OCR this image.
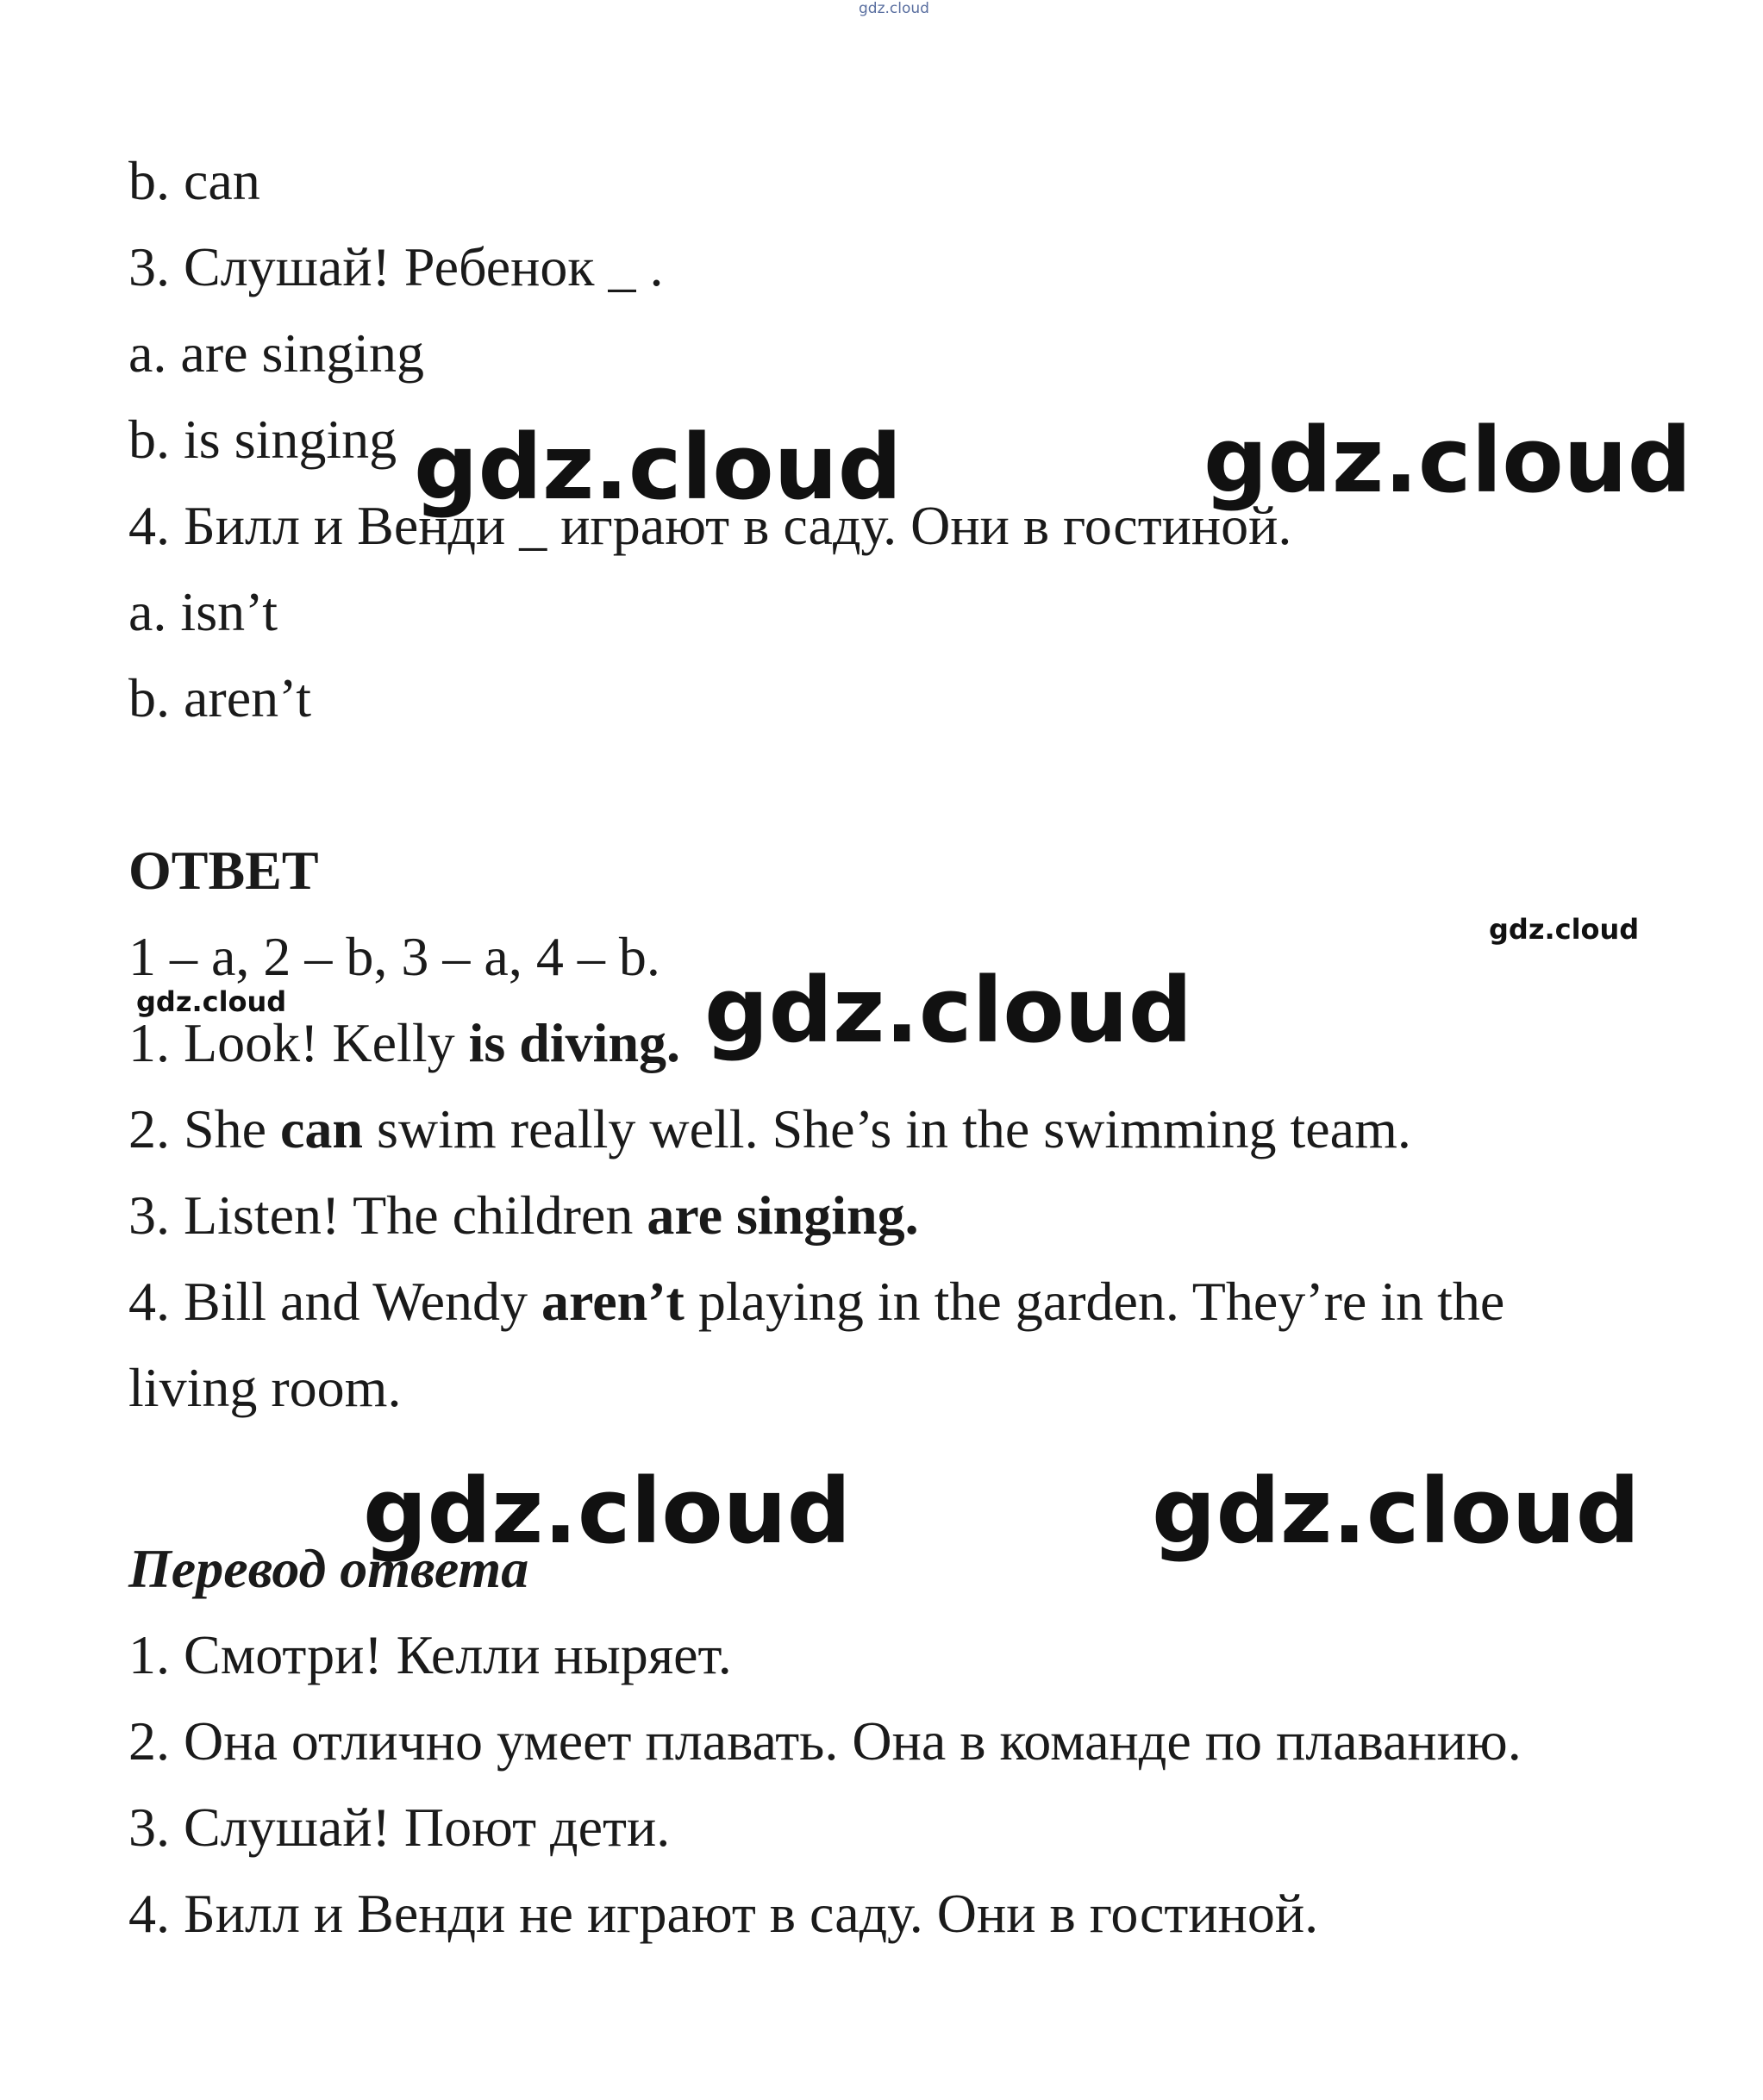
gdz.cloud
b. can
3. Слушай! Ребенок _ .
a. are singing
b. is singing
4. Билл и Венди _ играют в саду. Они в гостиной.
a. isn’t
b. aren’t
ОТВЕТ
1 – a, 2 – b, 3 – a, 4 – b.
1. Look! Kelly is diving.
2. She can swim really well. She’s in the swimming team.
3. Listen! The children are singing.
4. Bill and Wendy aren’t playing in the garden. They’re in the
living room.
Перевод ответа
1. Смотри! Келли ныряет.
2. Она отлично умеет плавать. Она в команде по плаванию.
3. Слушай! Поют дети.
4. Билл и Венди не играют в саду. Они в гостиной.
gdz.cloud	gdz.cloud
gdz.cloud
gdz.cloud	gdz.cloud
gdz.cloud	gdz.cloud
